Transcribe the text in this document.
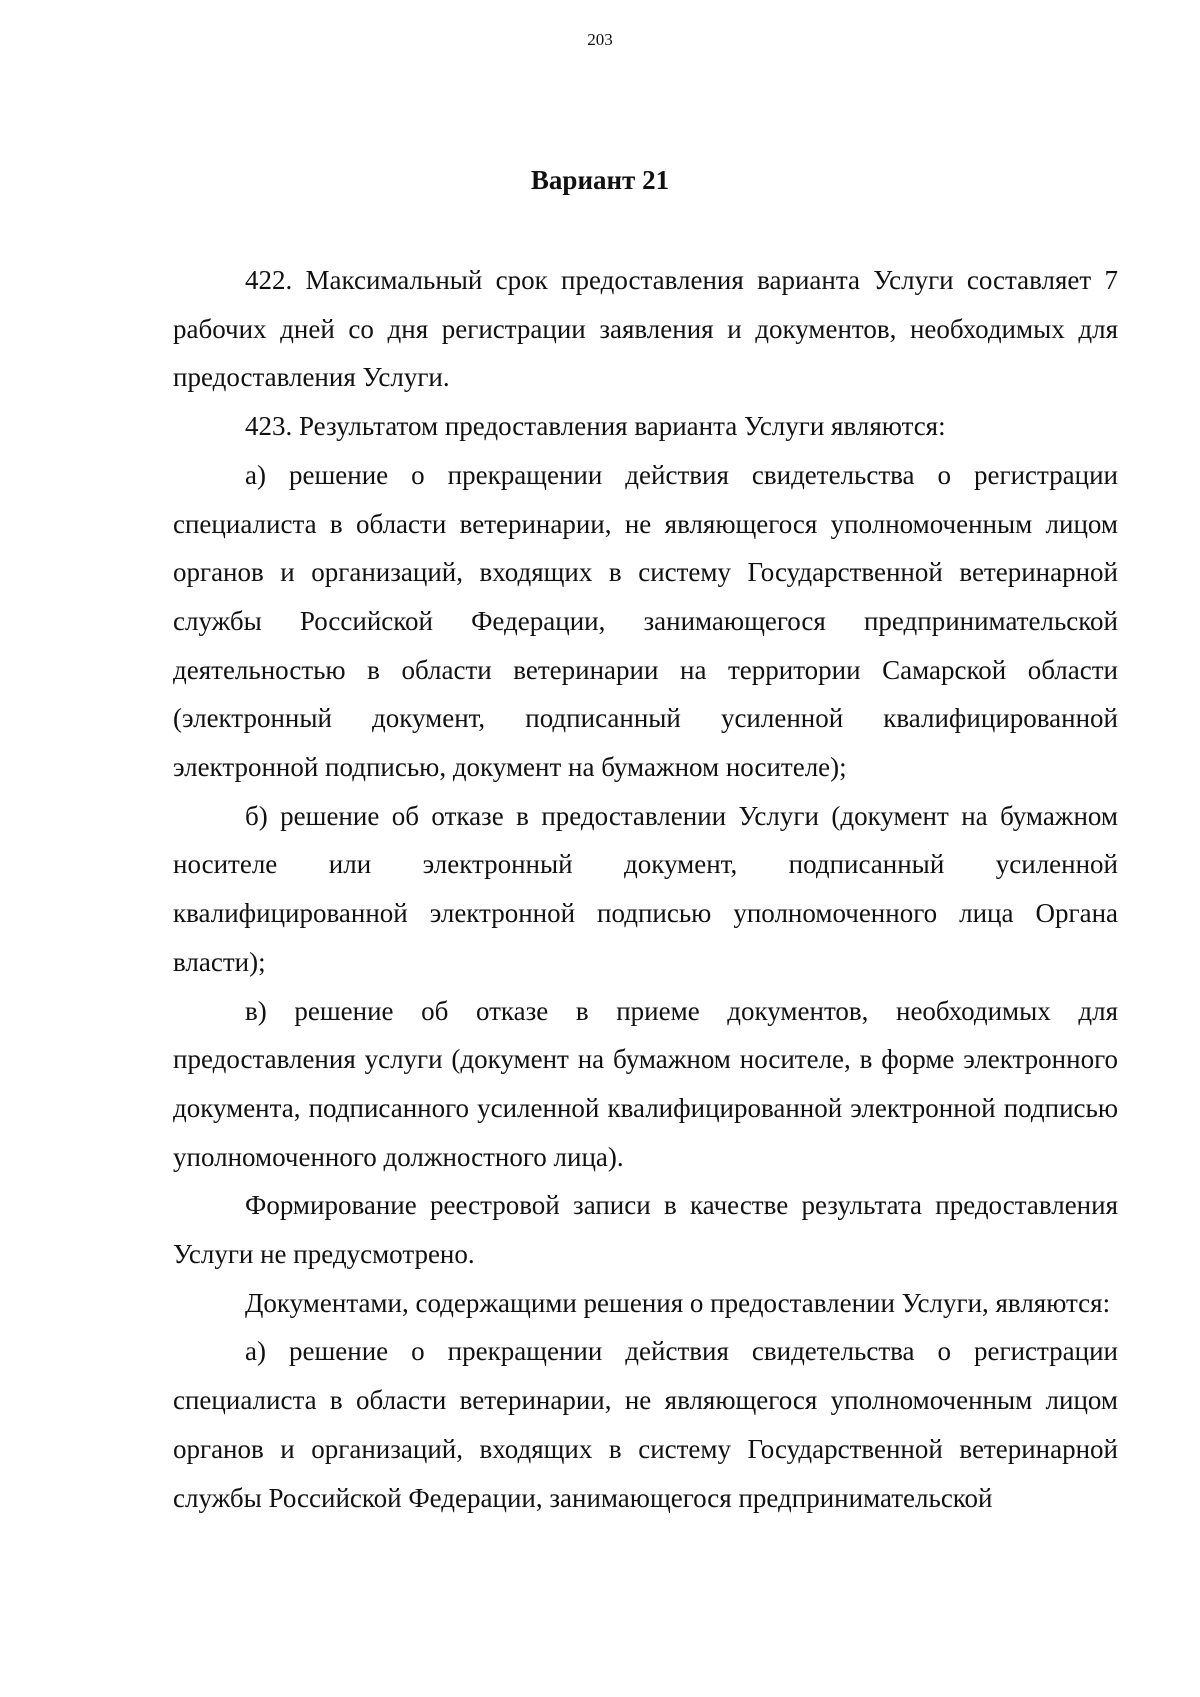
203
Вариант 21

422. Максимальный срок предоставления варианта Услуги составляет 7 рабочих дней со дня регистрации заявления и документов, необходимых для предоставления Услуги.

423. Результатом предоставления варианта Услуги являются:

а) решение о прекращении действия свидетельства о регистрации специалиста в области ветеринарии, не являющегося уполномоченным лицом органов и организаций, входящих в систему Государственной ветеринарной службы Российской Федерации, занимающегося предпринимательской деятельностью в области ветеринарии на территории Самарской области (электронный документ, подписанный усиленной квалифицированной электронной подписью, документ на бумажном носителе);

б) решение об отказе в предоставлении Услуги (документ на бумажном носителе или электронный документ, подписанный усиленной квалифицированной электронной подписью уполномоченного лица Органа власти);

в) решение об отказе в приеме документов, необходимых для предоставления услуги (документ на бумажном носителе, в форме электронного документа, подписанного усиленной квалифицированной электронной подписью уполномоченного должностного лица).

Формирование реестровой записи в качестве результата предоставления Услуги не предусмотрено.

Документами, содержащими решения о предоставлении Услуги, являются:

а) решение о прекращении действия свидетельства о регистрации специалиста в области ветеринарии, не являющегося уполномоченным лицом органов и организаций, входящих в систему Государственной ветеринарной службы Российской Федерации, занимающегося предпринимательской
